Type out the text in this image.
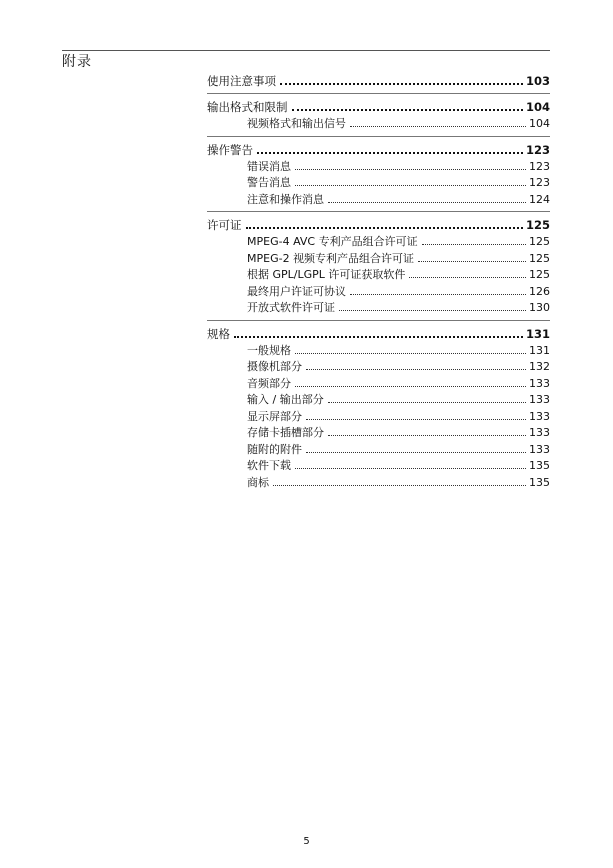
附录
使用注意事项	103
输出格式和限制	104
视频格式和输出信号	104
操作警告	123
错误消息	123
警告消息	123
注意和操作消息	124
许可证	125
MPEG-4 AVC 专利产品组合许可证	125
MPEG-2 视频专利产品组合许可证	125
根据 GPL/LGPL 许可证获取软件	125
最终用户许证可协议	126
开放式软件许可证	130
规格	131
一般规格	131
摄像机部分	132
音频部分	133
输入 / 输出部分	133
显示屏部分	133
存储卡插槽部分	133
随附的附件	133
软件下载	135
商标	135
5
